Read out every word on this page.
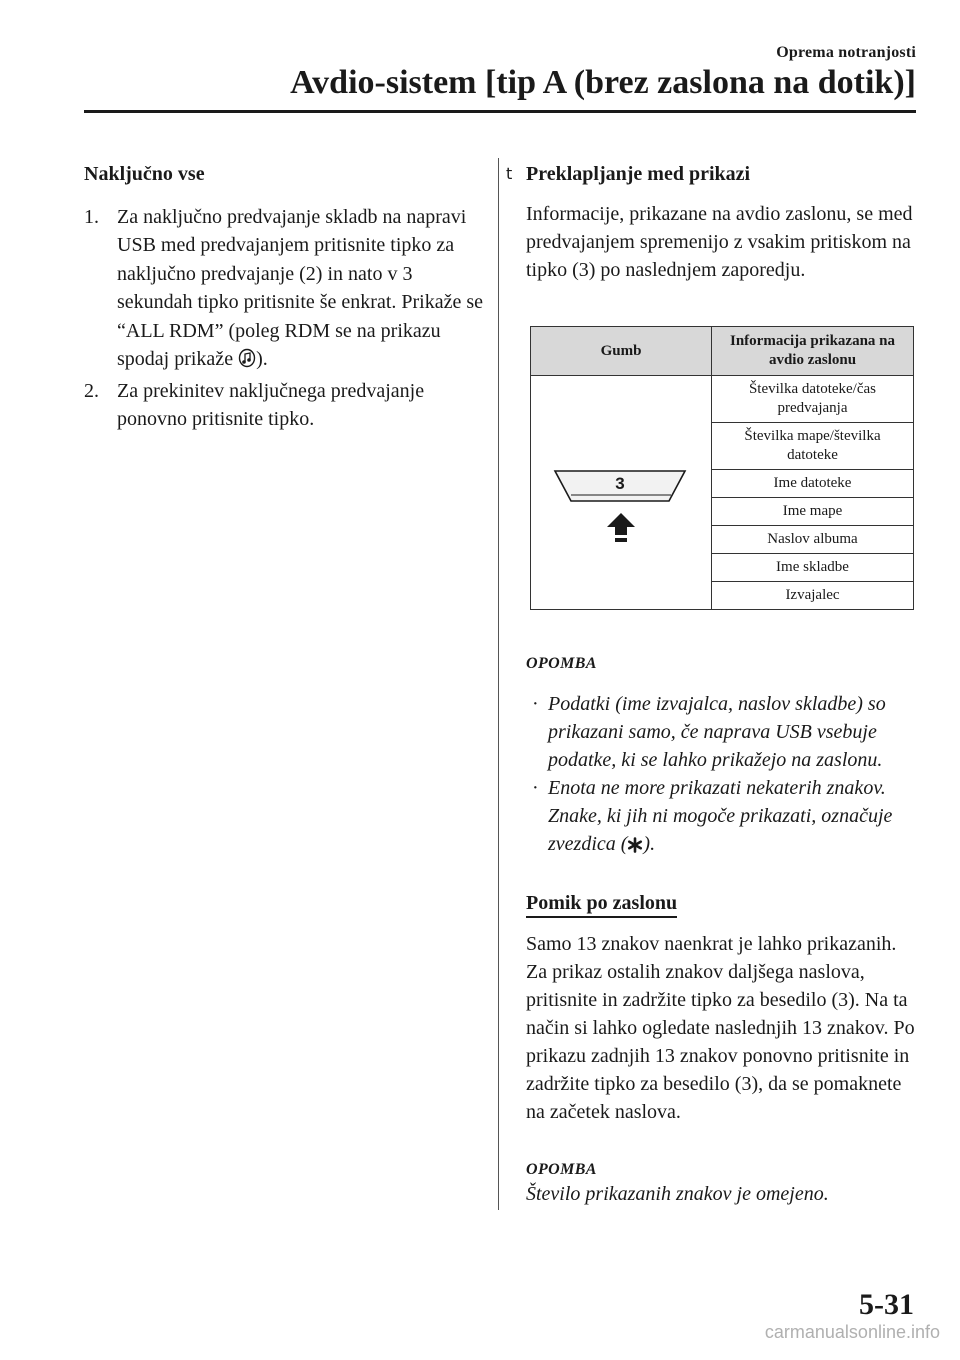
Oprema notranjosti
Avdio-sistem [tip A (brez zaslona na dotik)]
Naključno vse
1. Za naključno predvajanje skladb na napravi USB med predvajanjem pritisnite tipko za naključno predvajanje (2) in nato v 3 sekundah tipko pritisnite še enkrat. Prikaže se “ALL RDM” (poleg RDM se na prikazu spodaj prikaže ).
2. Za prekinitev naključnega predvajanje ponovno pritisnite tipko.
t Preklapljanje med prikazi

Informacije, prikazane na avdio zaslonu, se med predvajanjem spremenijo z vsakim pritiskom na tipko (3) po naslednjem zaporedju.

Gumb	Informacija prikazana na avdio zaslonu

3	Številka datoteke/čas predvajanja
	Številka mape/številka datoteke
	Ime datoteke
	Ime mape
	Naslov albuma
	Ime skladbe
	Izvajalec
OPOMBA
· Podatki (ime izvajalca, naslov skladbe) so prikazani samo, če naprava USB vsebuje podatke, ki se lahko prikažejo na zaslonu.
· Enota ne more prikazati nekaterih znakov. Znake, ki jih ni mogoče prikazati, označuje zvezdica ( ).
Pomik po zaslonu

Samo 13 znakov naenkrat je lahko prikazanih. Za prikaz ostalih znakov daljšega naslova, pritisnite in zadržite tipko za besedilo (3). Na ta način si lahko ogledate naslednjih 13 znakov. Po prikazu zadnjih 13 znakov ponovno pritisnite in zadržite tipko za besedilo (3), da se pomaknete na začetek naslova.

OPOMBA
Število prikazanih znakov je omejeno.
5-31
carmanualsonline.info
